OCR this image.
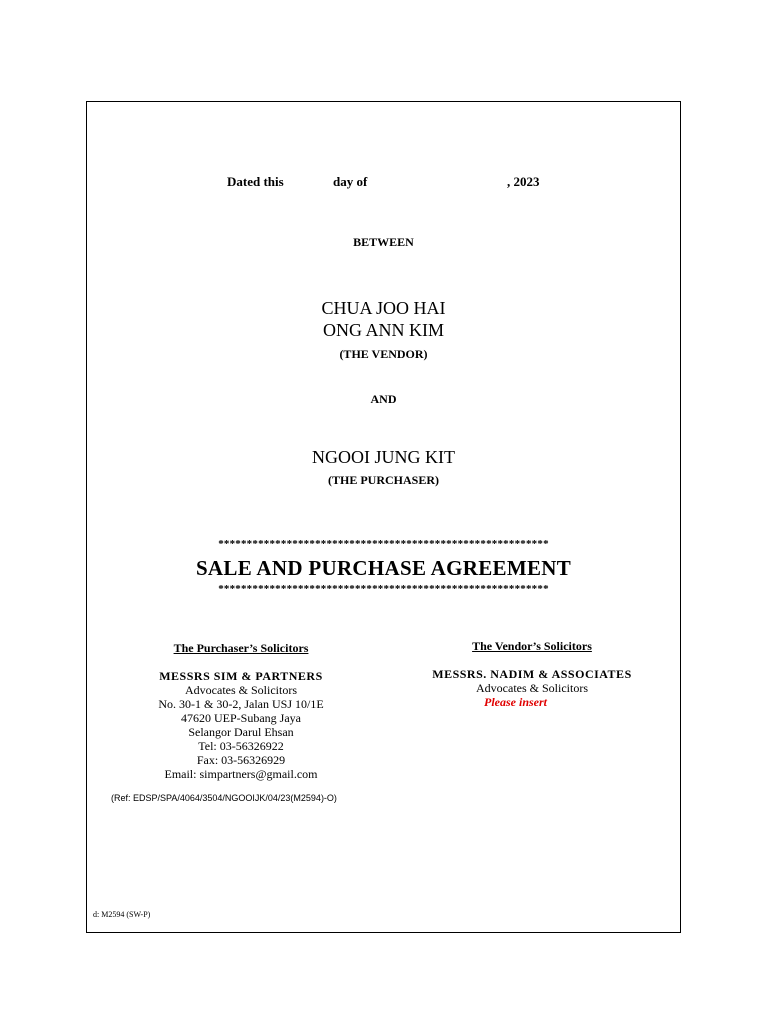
Dated this	day of	, 2023
BETWEEN
CHUA JOO HAI
ONG ANN KIM
(THE VENDOR)
AND
NGOOI JUNG KIT
(THE PURCHASER)
**********************************************************
SALE AND PURCHASE AGREEMENT
**********************************************************
The Purchaser’s Solicitors
MESSRS SIM & PARTNERS
Advocates & Solicitors
No. 30-1 & 30-2, Jalan USJ 10/1E
47620 UEP-Subang Jaya
Selangor Darul Ehsan
Tel: 03-56326922
Fax: 03-56326929
Email: simpartners@gmail.com
The Vendor’s Solicitors
MESSRS. NADIM & ASSOCIATES
Advocates & Solicitors
Please insert
(Ref: EDSP/SPA/4064/3504/NGOOIJK/04/23(M2594)-O)
d: M2594 (SW-P)
